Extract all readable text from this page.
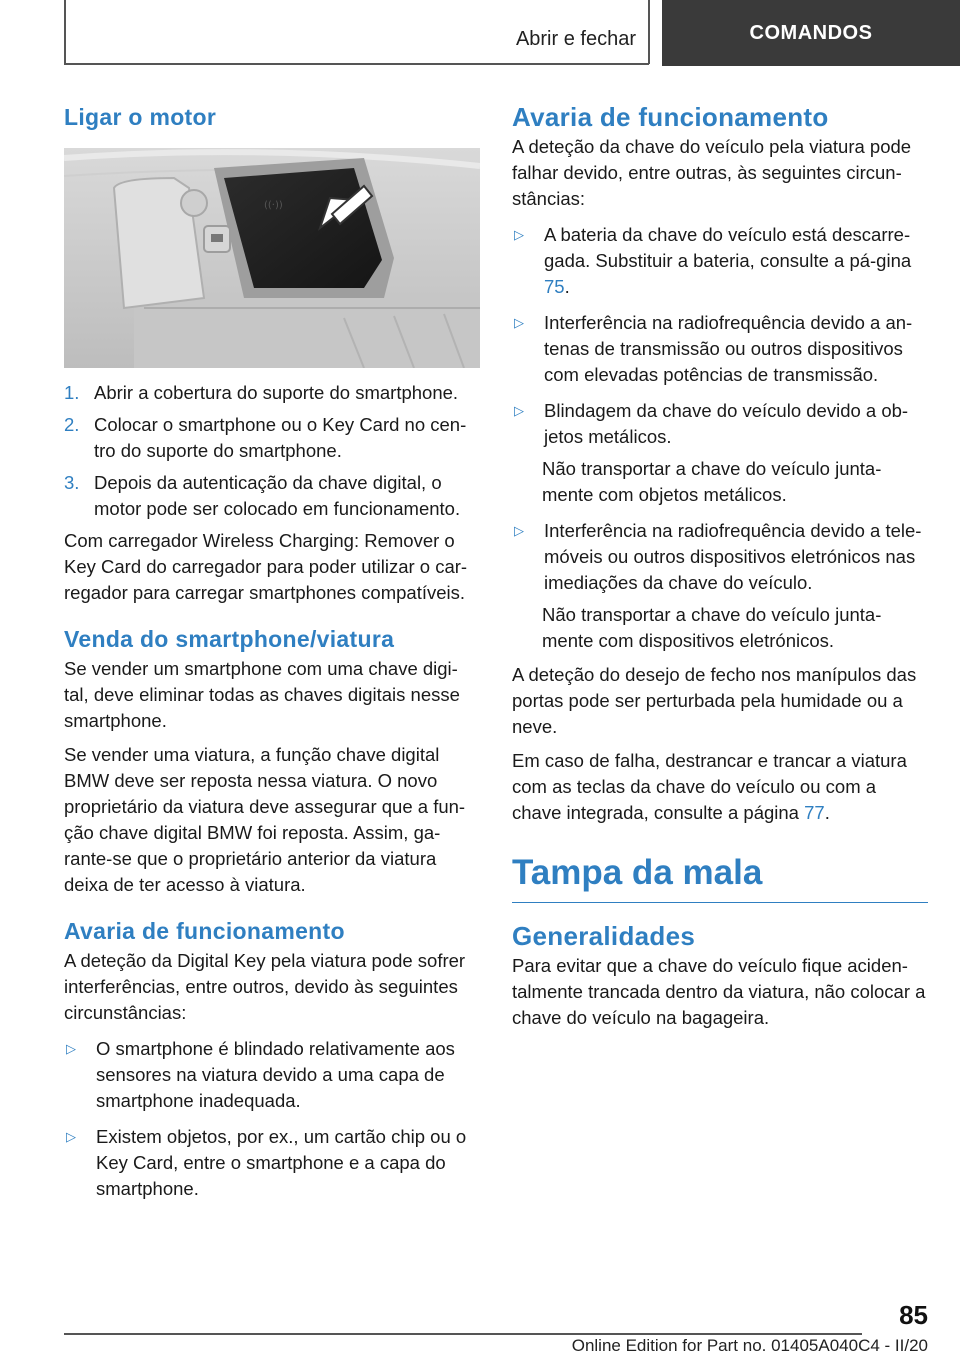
Abrir e fechar	COMANDOS
Ligar o motor
((·))
1. Abrir a cobertura do suporte do smartphone.
2. Colocar o smartphone ou o Key Card no cen‐tro do suporte do smartphone.
3. Depois da autenticação da chave digital, o motor pode ser colocado em funcionamento.

Com carregador Wireless Charging: Remover o Key Card do carregador para poder utilizar o car‐regador para carregar smartphones compatíveis.

Venda do smartphone/viatura

Se vender um smartphone com uma chave digi‐tal, deve eliminar todas as chaves digitais nesse smartphone.

Se vender uma viatura, a função chave digital BMW deve ser reposta nessa viatura. O novo proprietário da viatura deve assegurar que a fun‐ção chave digital BMW foi reposta. Assim, ga‐rante-se que o proprietário anterior da viatura deixa de ter acesso à viatura.

Avaria de funcionamento

A deteção da Digital Key pela viatura pode sofrer interferências, entre outros, devido às seguintes circunstâncias:

▷	O smartphone é blindado relativamente aos sensores na viatura devido a uma capa de smartphone inadequada.
▷	Existem objetos, por ex., um cartão chip ou o Key Card, entre o smartphone e a capa do smartphone.
Avaria de funcionamento

A deteção da chave do veículo pela viatura pode falhar devido, entre outras, às seguintes circun‐stâncias:

▷	A bateria da chave do veículo está descarre‐gada. Substituir a bateria, consulte a pá‐gina 75.
▷	Interferência na radiofrequência devido a an‐tenas de transmissão ou outros dispositivos com elevadas potências de transmissão.
▷	Blindagem da chave do veículo devido a ob‐jetos metálicos.
Não transportar a chave do veículo junta‐mente com objetos metálicos.
▷	Interferência na radiofrequência devido a tele‐móveis ou outros dispositivos eletrónicos nas imediações da chave do veículo.
Não transportar a chave do veículo junta‐mente com dispositivos eletrónicos.

A deteção do desejo de fecho nos manípulos das portas pode ser perturbada pela humidade ou a neve.

Em caso de falha, destrancar e trancar a viatura com as teclas da chave do veículo ou com a chave integrada, consulte a página 77.

Tampa da mala
Generalidades

Para evitar que a chave do veículo fique aciden‐talmente trancada dentro da viatura, não colocar a chave do veículo na bagageira.

85
Online Edition for Part no. 01405A040C4 - II/20
